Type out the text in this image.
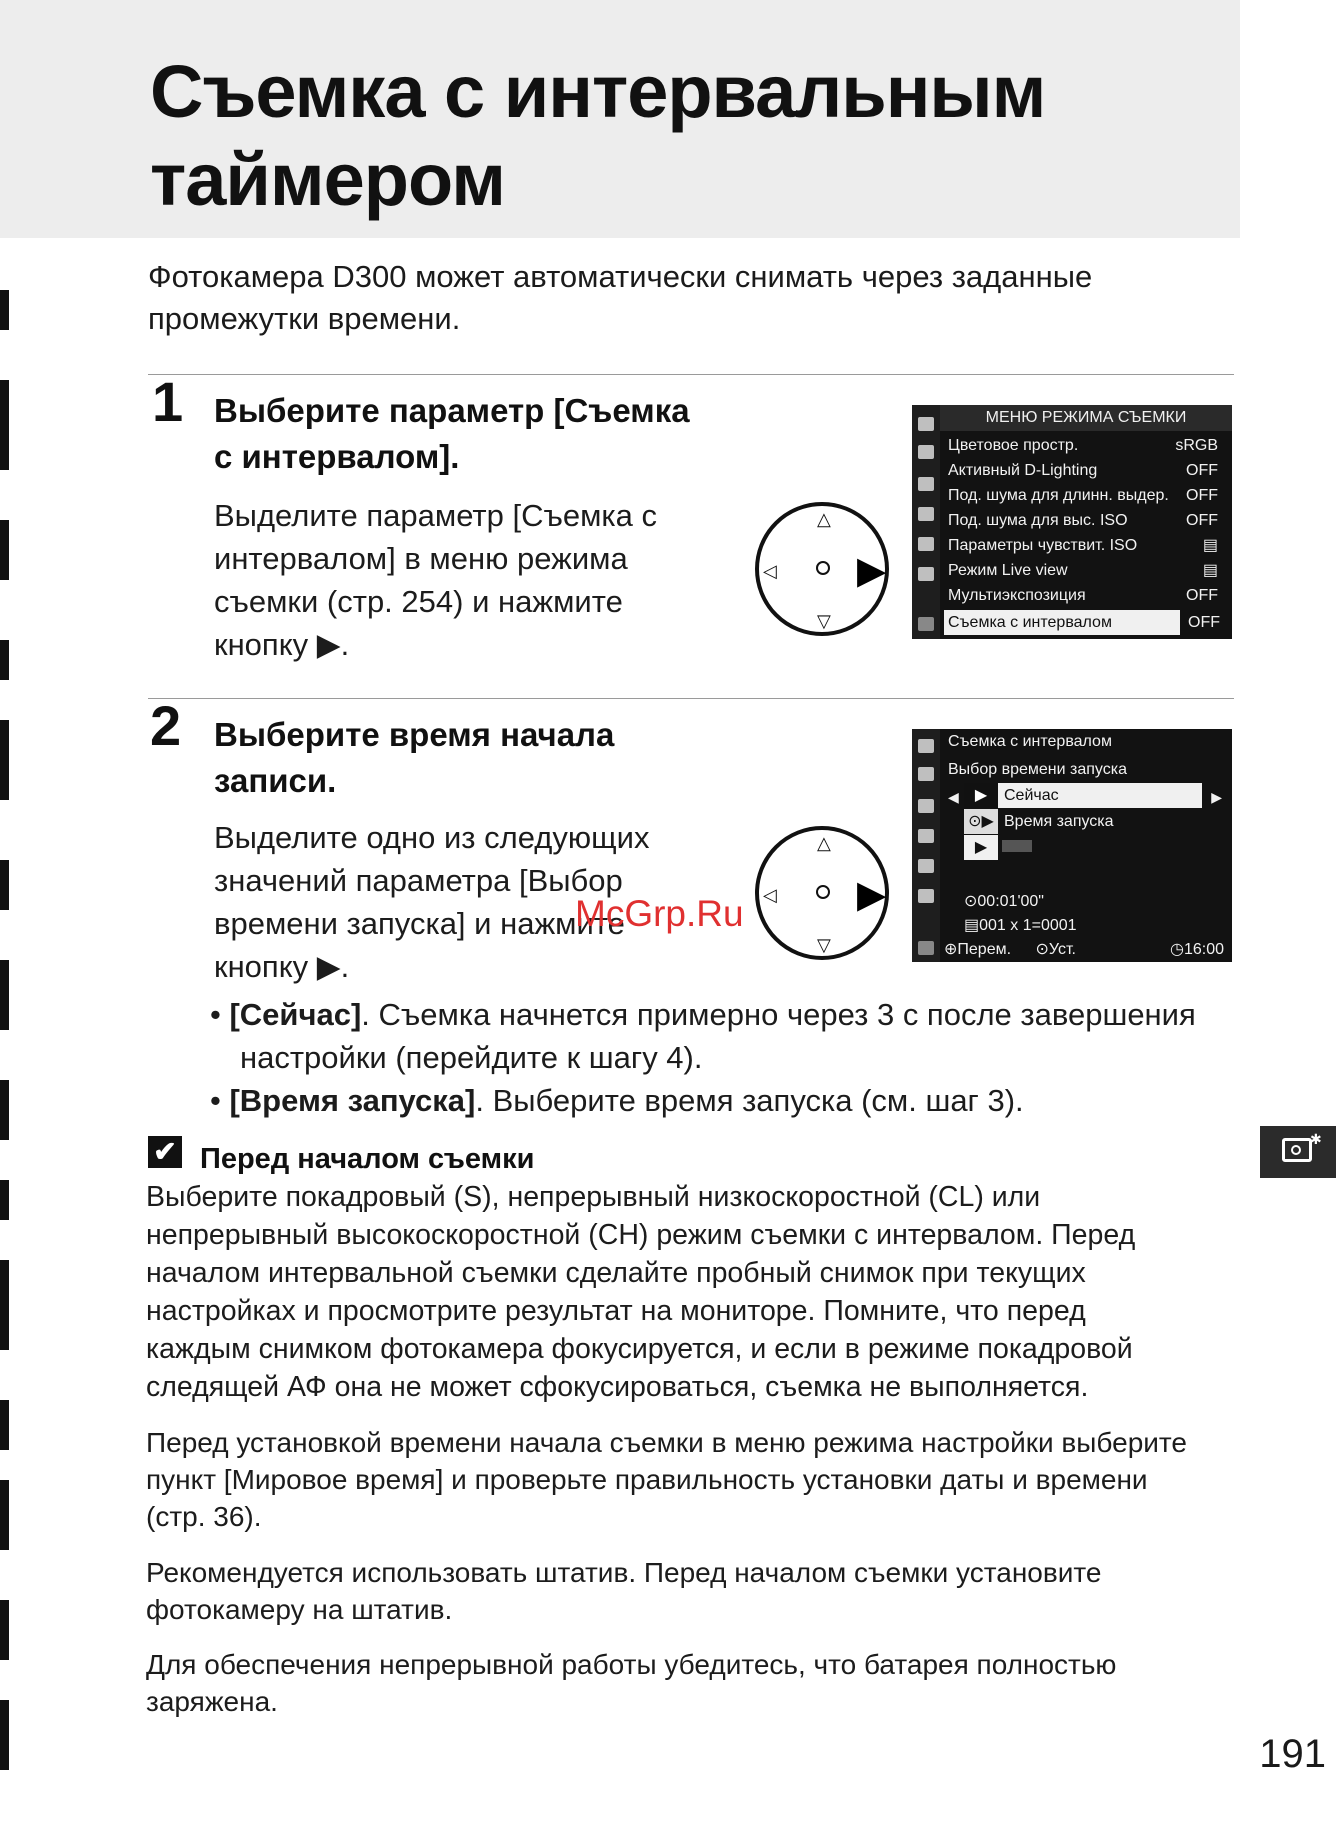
Съемка с интервальным
таймером
Фотокамера D300 может автоматически снимать через заданные
промежутки времени.
1 Выберите параметр [Съемка
с интервалом].
Выделите параметр [Съемка с
интервалом] в меню режима
съемки (стр. 254) и нажмите
кнопку ▶.
△
▽
◁ ▶
МЕНЮ РЕЖИМА СЪЕМКИ
Цветовое простр.	sRGB
Активный D-Lighting	OFF
Под. шума для длинн. выдер. OFF
Под. шума для выс. ISO	OFF
Параметры чувствит. ISO	▤
Режим Live view	▤
Мультиэкспозиция	OFF
Съемка с интервалом	OFF
2 Выберите время начала
записи.
Выделите одно из следующих
значений параметра [Выбор
времени запуска] и нажмите
кнопку ▶.
△
▽
◁ ▶
Съемка с интервалом
Выбор времени запуска
▶ Сейчас
⊙▶ Время запуска
▶
⊙00:01'00"
▤001 x 1=0001
⊕Перем. ⊙Уст.	◷16:00
◀	▶
McGrp.Ru
• [Сейчас]. Съемка начнется примерно через 3 с после завершения
настройки (перейдите к шагу 4).
• [Время запуска]. Выберите время запуска (см. шаг 3).
✔ Перед началом съемки
Выберите покадровый (S), непрерывный низкоскоростной (CL) или
непрерывный высокоскоростной (CH) режим съемки с интервалом. Перед
началом интервальной съемки сделайте пробный снимок при текущих
настройках и просмотрите результат на мониторе. Помните, что перед
каждым снимком фотокамера фокусируется, и если в режиме покадровой
следящей АФ она не может сфокусироваться, съемка не выполняется.
Перед установкой времени начала съемки в меню режима настройки выберите
пункт [Мировое время] и проверьте правильность установки даты и времени
(стр. 36).
Рекомендуется использовать штатив. Перед началом съемки установите
фотокамеру на штатив.
Для обеспечения непрерывной работы убедитесь, что батарея полностью
заряжена.
✱
191
